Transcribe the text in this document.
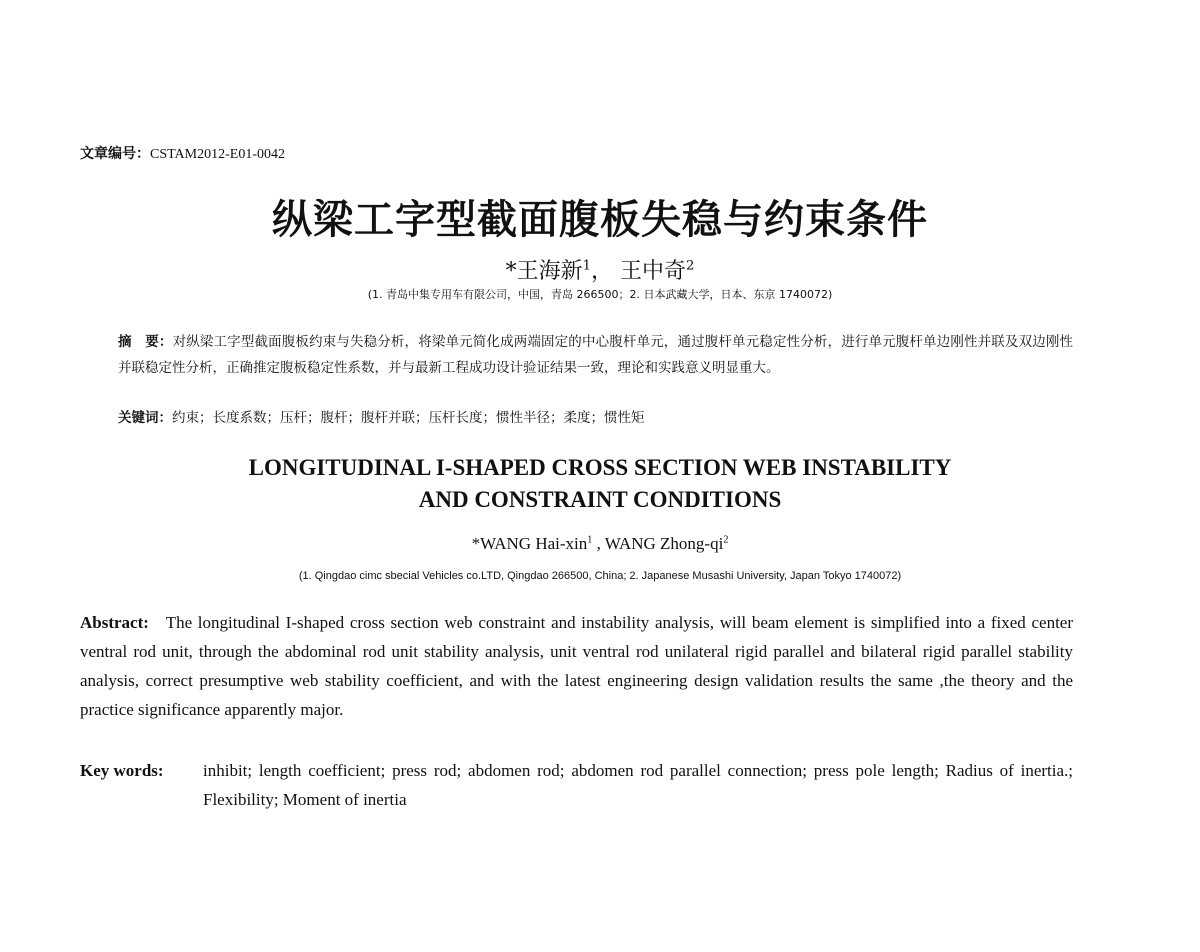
文章编号：CSTAM2012-E01-0042
纵梁工字型截面腹板失稳与约束条件
*王海新$^1$， 王中奇$^2$
(1. 青岛中集专用车有限公司，中国，青岛 266500；2. 日本武藏大学，日本、东京 1740072)
摘　要：对纵梁工字型截面腹板约束与失稳分析，将梁单元简化成两端固定的中心腹杆单元，通过腹杆单元稳定性分析，进行单元腹杆单边刚性并联及双边刚性并联稳定性分析，正确推定腹板稳定性系数，并与最新工程成功设计验证结果一致，理论和实践意义明显重大。
关键词：约束；长度系数；压杆；腹杆；腹杆并联；压杆长度；惯性半径；柔度；惯性矩
LONGITUDINAL I-SHAPED CROSS SECTION WEB INSTABILITY
AND CONSTRAINT CONDITIONS
*WANG Hai-xin$^1$ , WANG Zhong-$qi^2$
(1. Qingdao cimc sbecial Vehicles co.LTD, Qingdao 266500, China; 2. Japanese Musashi University, Japan Tokyo 1740072)
Abstract: The longitudinal I-shaped cross section web constraint and instability analysis, will beam element is simplified into a fixed center ventral rod unit, through the abdominal rod unit stability analysis, unit ventral rod unilateral rigid parallel and bilateral rigid parallel stability analysis, correct presumptive web stability coefficient, and with the latest engineering design validation results the same ,the theory and the practice significance apparently major.
Key words: inhibit; length coefficient; press rod; abdomen rod; abdomen rod parallel connection; press pole length; Radius of inertia.; Flexibility; Moment of inertia
